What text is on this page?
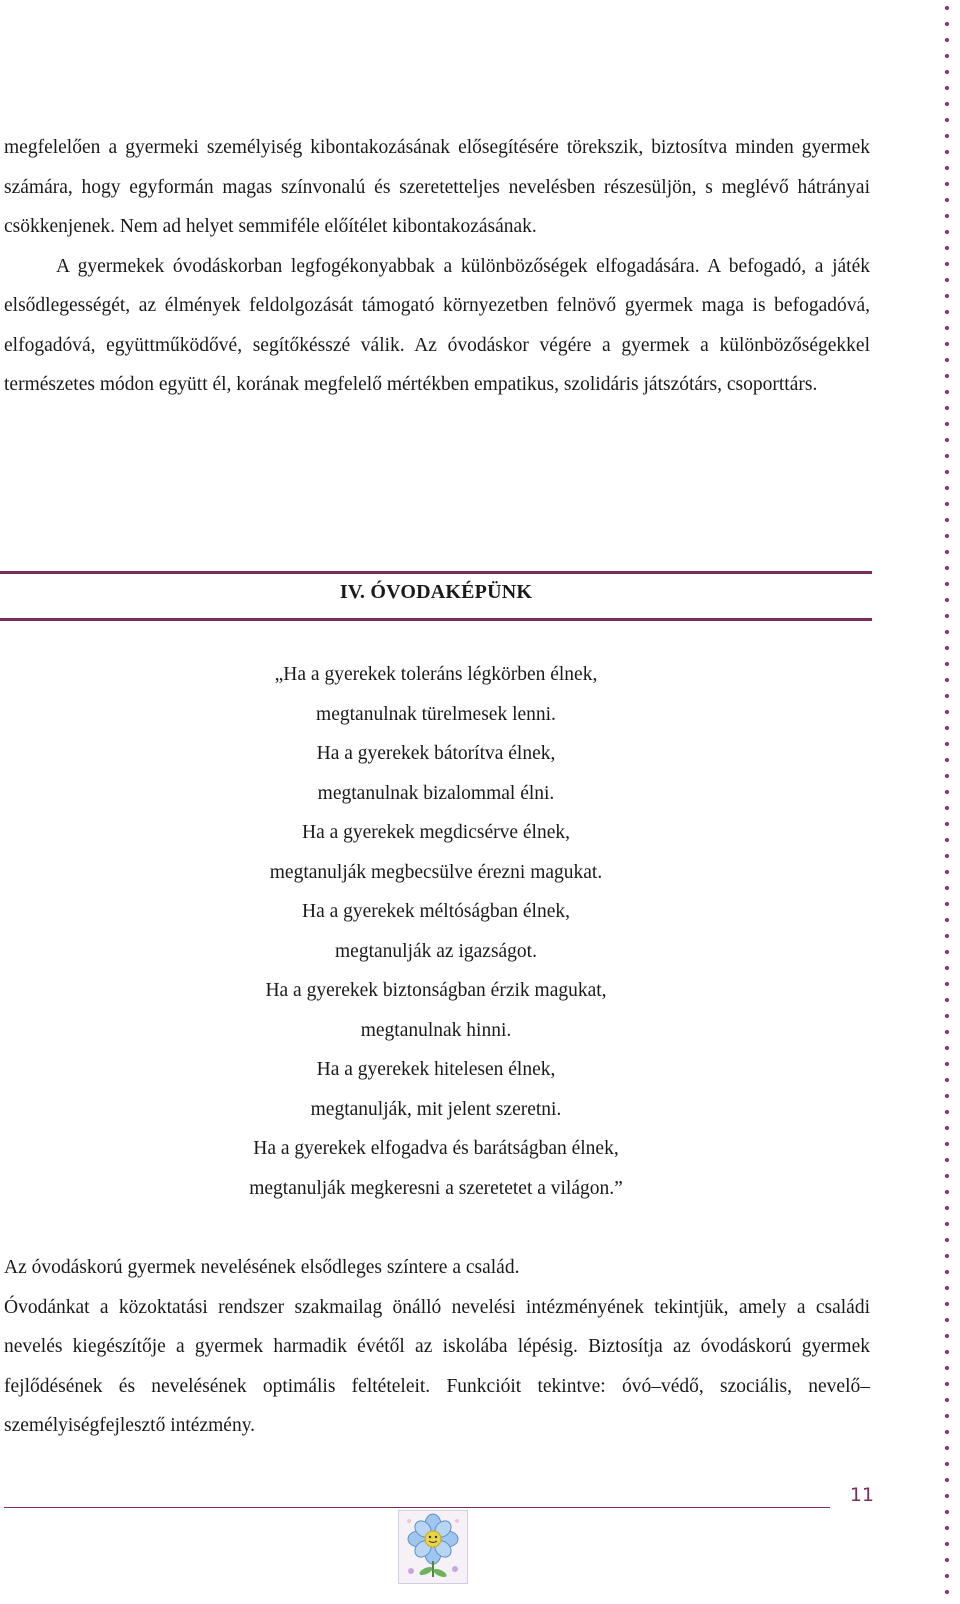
megfelelően a gyermeki személyiség kibontakozásának elősegítésére törekszik, biztosítva minden gyermek számára, hogy egyformán magas színvonalú és szeretetteljes nevelésben részesüljön, s meglévő hátrányai csökkenjenek. Nem ad helyet semmiféle előítélet kibontakozásának.

A gyermekek óvodáskorban legfogékonyabbak a különbözőségek elfogadására. A befogadó, a játék elsődlegességét, az élmények feldolgozását támogató környezetben felnövő gyermek maga is befogadóvá, elfogadóvá, együttműködővé, segítőkésszé válik. Az óvodáskor végére a gyermek a különbözőségekkel természetes módon együtt él, korának megfelelő mértékben empatikus, szolidáris játszótárs, csoporttárs.

IV. ÓVODAKÉPÜNK
„Ha a gyerekek toleráns légkörben élnek,
megtanulnak türelmesek lenni.
Ha a gyerekek bátorítva élnek,
megtanulnak bizalommal élni.
Ha a gyerekek megdicsérve élnek,
megtanulják megbecsülve érezni magukat.
Ha a gyerekek méltóságban élnek,
megtanulják az igazságot.
Ha a gyerekek biztonságban érzik magukat,
megtanulnak hinni.
Ha a gyerekek hitelesen élnek,
megtanulják, mit jelent szeretni.
Ha a gyerekek elfogadva és barátságban élnek,
megtanulják megkeresni a szeretetet a világon.”

Az óvodáskorú gyermek nevelésének elsődleges színtere a család.

Óvodánkat a közoktatási rendszer szakmailag önálló nevelési intézményének tekintjük, amely a családi nevelés kiegészítője a gyermek harmadik évétől az iskolába lépésig. Biztosítja az óvodáskorú gyermek fejlődésének és nevelésének optimális feltételeit. Funkcióit tekintve: óvó–védő, szociális, nevelő–személyiségfejlesztő intézmény.

11
